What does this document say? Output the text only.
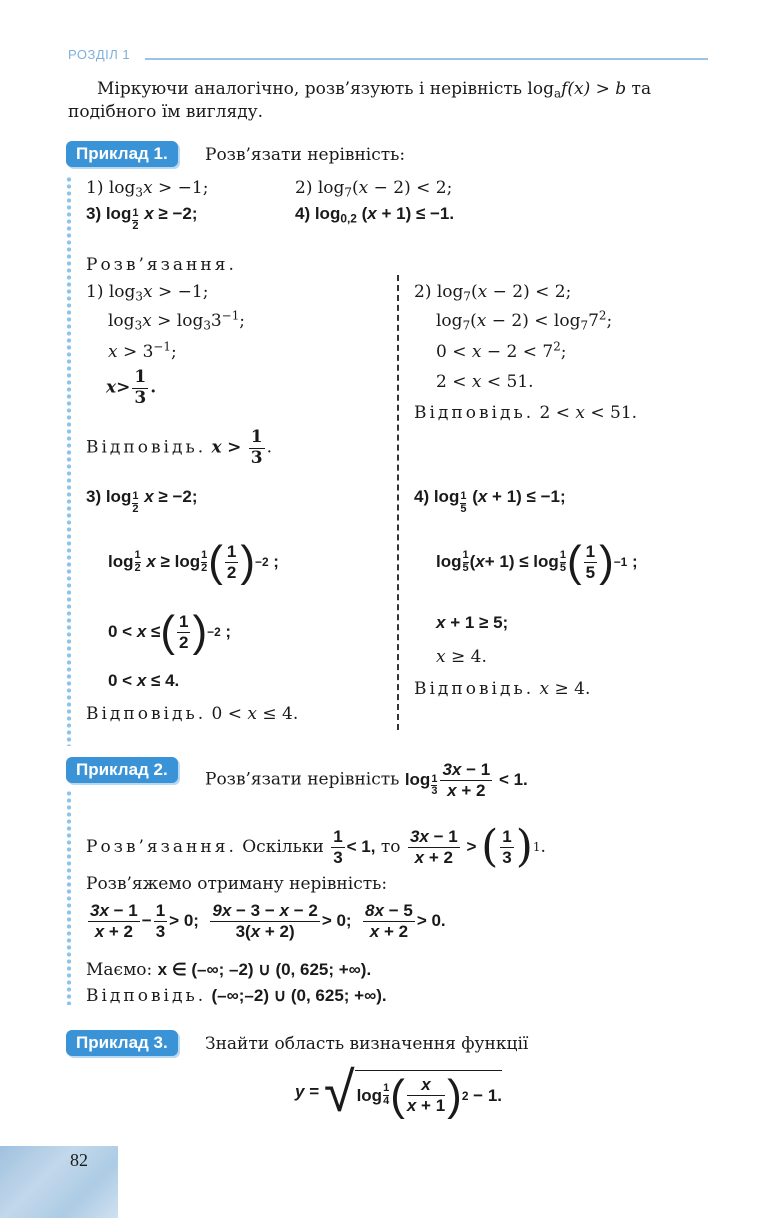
РОЗДІЛ 1
Міркуючи аналогічно, розв’язують і нерівність $\log_af(x) > b$ та
подібного їм вигляду.
Приклад 1.	Розв’язати нерівність:
1) $\log_3x > -1$;	2) $\log_7(x - 2) < 2$;
3) $\log \frac{1}{2}$ x ≥ −2;	4) $\log_{0,2} (x + 1) \le -1$.
Розв’язання.
1) $\log_3x > -1$;
$\log_3x > \log_33^{-1}$;
$x > 3^{-1}$;
$x> \frac{1}{3}$ .
Відповідь. $x > \frac{1}{3}$ .
2) $\log_7(x - 2) < 2$;
$\log_7(x - 2) < \log_77^2$;
$0 < x - 2 < 7^2$;
2 < x < 51.
Відповідь. 2 < x < 51.
3) $\log \frac{1}{2}$ x ≥ −2;
log 1
2
x ≥ log 1
2 ( $\frac{1}{2}$ ) −2 ;
0 < x ≤ ( $\frac{1}{2}$ ) −2 ;
0 < x ≤ 4.
Відповідь. 0 < x ≤ 4.
4) $\log \frac{1}{5} (x + 1) \le -1$;
log 1
5 ( x + 1) ≤ log 1
5 ( $\frac{1}{5}$ ) −1 ;
x + 1 ≥ 5;
x ≥ 4.
Відповідь. x ≥ 4.
Приклад 2.
Розв’язати нерівність $\log \frac{1}{3} \frac{3x - 1}{x + 2} < 1$.
Розв’язання.
Оскільки
$\frac{1}{3} < 1$,
то
$\frac{3x - 1}{x + 2}$ > ( $\frac{1}{3}$ ) 1 .
Розв’яжемо отриману нерівність:
$\frac{3x - 1}{x + 2} - \frac{1}{3} > 0$; $\frac{9x - 3 - x - 2}{3(x + 2)} > 0$; $\frac{8x - 5}{x + 2} > 0$.
Маємо: x ∈ (–∞; –2) ∪ (0, 625; +∞).
Відповідь. (–∞;–2) ∪ (0, 625; +∞).
Приклад 3.	Знайти область визначення функції
y = √ log 1
4 ( $\frac{x}{x + 1}$ ) 2 − 1.
82
